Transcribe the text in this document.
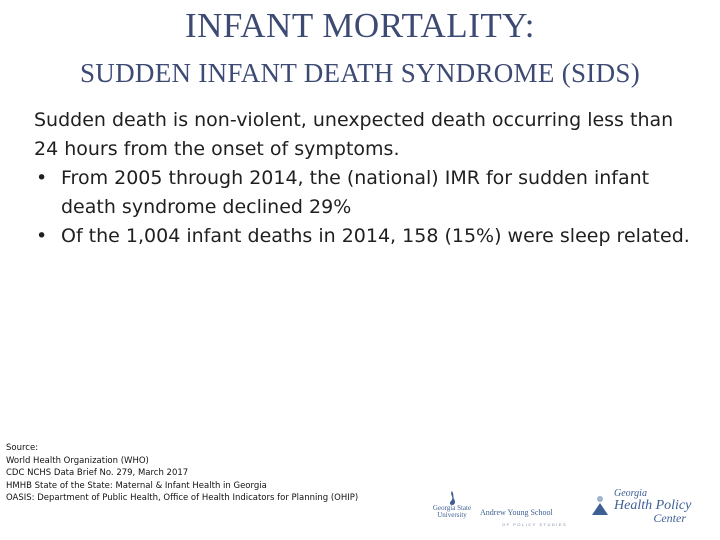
INFANT MORTALITY:
SUDDEN INFANT DEATH SYNDROME (SIDS)

Sudden death is non-violent, unexpected death occurring less than 24 hours from the onset of symptoms.

• From 2005 through 2014, the (national) IMR for sudden infant death syndrome declined 29%
• Of the 1,004 infant deaths in 2014, 158 (15%) were sleep related.
Source:
World Health Organization (WHO)
CDC NCHS Data Brief No. 279, March 2017
HMHB State of the State: Maternal & Infant Health in Georgia
OASIS: Department of Public Health, Office of Health Indicators for Planning (OHIP)
Georgia State
University	Andrew Young School
OF POLICY STUDIES
Georgia
Health Policy
Center
